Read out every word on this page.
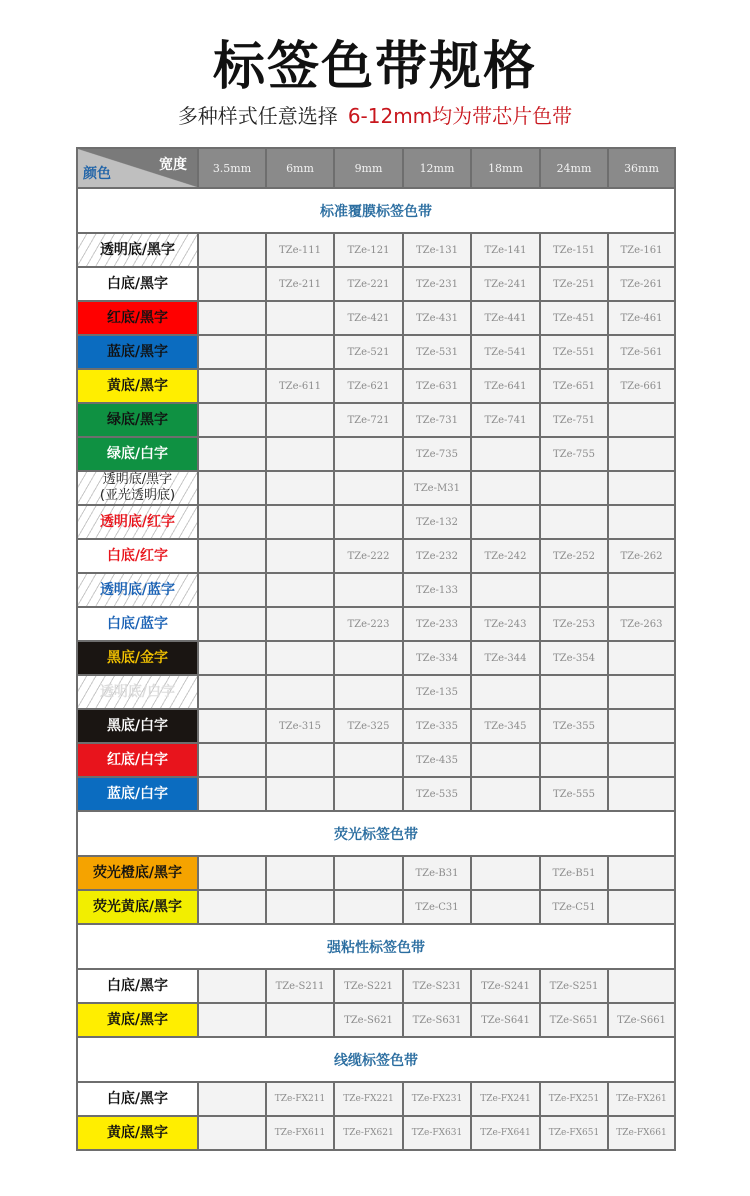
标签色带规格
多种样式任意选择 6-12mm均为带芯片色带
宽度
颜色	3.5mm	6mm	9mm	12mm	18mm	24mm	36mm
标准覆膜标签色带							

透明底/黑字		TZe-111	TZe-121	TZe-131	TZe-141	TZe-151	TZe-161

白底/黑字		TZe-211	TZe-221	TZe-231	TZe-241	TZe-251	TZe-261

红底/黑字			TZe-421	TZe-431	TZe-441	TZe-451	TZe-461

蓝底/黑字			TZe-521	TZe-531	TZe-541	TZe-551	TZe-561

黄底/黑字		TZe-611	TZe-621	TZe-631	TZe-641	TZe-651	TZe-661

绿底/黑字			TZe-721	TZe-731	TZe-741	TZe-751	

绿底/白字				TZe-735		TZe-755	

透明底/黑字
(亚光透明底)				TZe-M31			

透明底/红字				TZe-132			

白底/红字			TZe-222	TZe-232	TZe-242	TZe-252	TZe-262

透明底/蓝字				TZe-133			

白底/蓝字			TZe-223	TZe-233	TZe-243	TZe-253	TZe-263

黑底/金字				TZe-334	TZe-344	TZe-354	

透明底/白字				TZe-135			

黑底/白字		TZe-315	TZe-325	TZe-335	TZe-345	TZe-355	

红底/白字				TZe-435			

蓝底/白字				TZe-535		TZe-555	
荧光标签色带							

荧光橙底/黑字				TZe-B31		TZe-B51	

荧光黄底/黑字				TZe-C31		TZe-C51	
强粘性标签色带							

白底/黑字		TZe-S211	TZe-S221	TZe-S231	TZe-S241	TZe-S251	

黄底/黑字			TZe-S621	TZe-S631	TZe-S641	TZe-S651	TZe-S661
线缆标签色带							

白底/黑字		TZe-FX211	TZe-FX221	TZe-FX231	TZe-FX241	TZe-FX251	TZe-FX261

黄底/黑字		TZe-FX611	TZe-FX621	TZe-FX631	TZe-FX641	TZe-FX651	TZe-FX661
